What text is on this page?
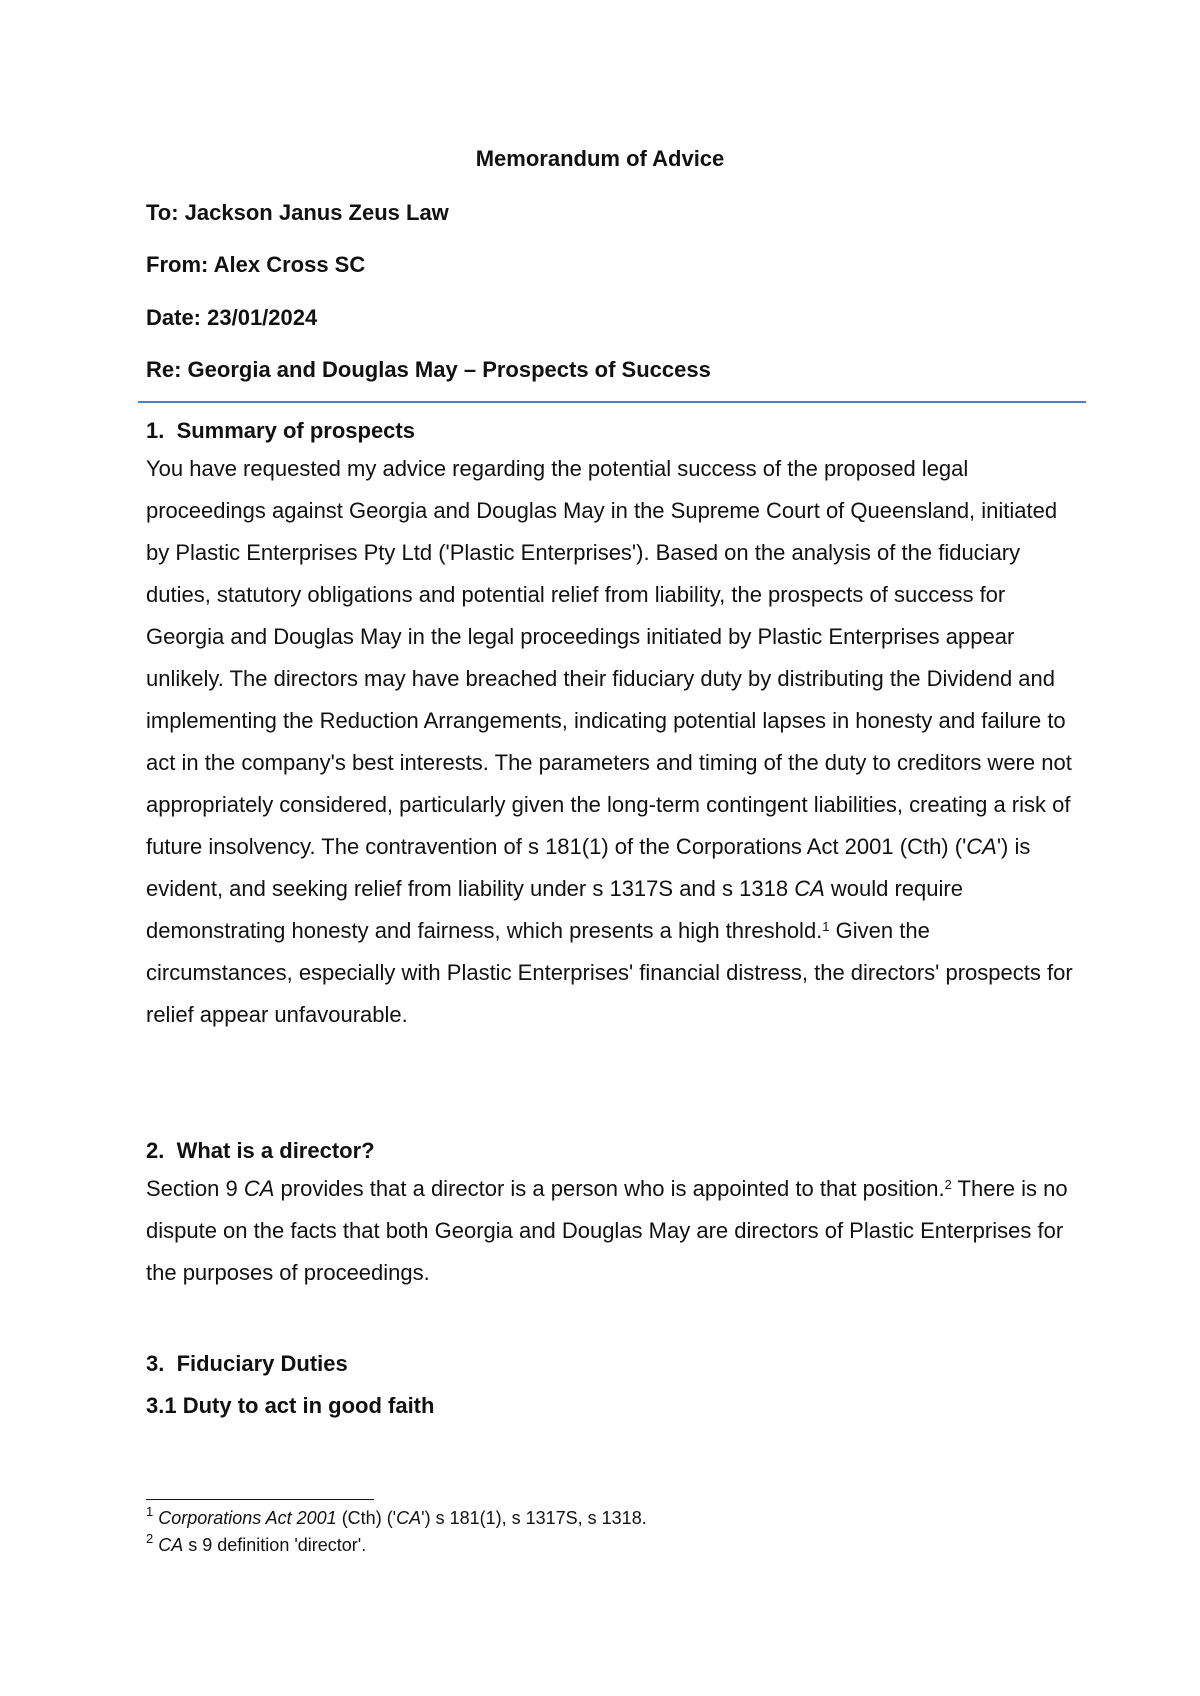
Memorandum of Advice
To: Jackson Janus Zeus Law
From: Alex Cross SC
Date: 23/01/2024
Re: Georgia and Douglas May – Prospects of Success
1.  Summary of prospects
You have requested my advice regarding the potential success of the proposed legal proceedings against Georgia and Douglas May in the Supreme Court of Queensland, initiated by Plastic Enterprises Pty Ltd ('Plastic Enterprises'). Based on the analysis of the fiduciary duties, statutory obligations and potential relief from liability, the prospects of success for Georgia and Douglas May in the legal proceedings initiated by Plastic Enterprises appear unlikely. The directors may have breached their fiduciary duty by distributing the Dividend and implementing the Reduction Arrangements, indicating potential lapses in honesty and failure to act in the company's best interests. The parameters and timing of the duty to creditors were not appropriately considered, particularly given the long-term contingent liabilities, creating a risk of future insolvency. The contravention of s 181(1) of the Corporations Act 2001 (Cth) ('CA') is evident, and seeking relief from liability under s 1317S and s 1318 CA would require demonstrating honesty and fairness, which presents a high threshold.$^1$ Given the circumstances, especially with Plastic Enterprises' financial distress, the directors' prospects for relief appear unfavourable.
2.  What is a director?
Section 9 CA provides that a director is a person who is appointed to that position.$^2$ There is no dispute on the facts that both Georgia and Douglas May are directors of Plastic Enterprises for the purposes of proceedings.
3.  Fiduciary Duties
3.1 Duty to act in good faith
$^1$ Corporations Act 2001 (Cth) ('CA') s 181(1), s 1317S, s 1318.
$^2$ CA s 9 definition 'director'.
